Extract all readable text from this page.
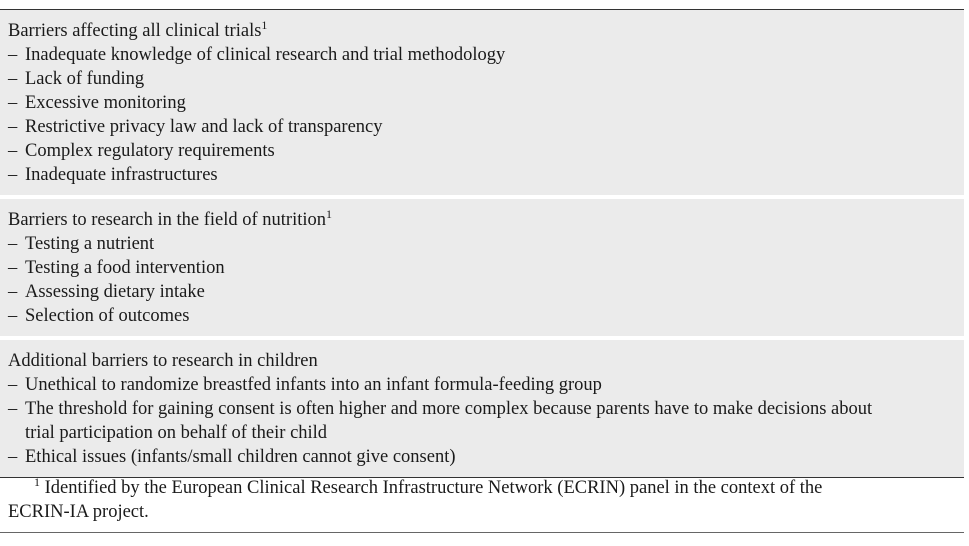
Barriers affecting all clinical trials$^1$
– Inadequate knowledge of clinical research and trial methodology
– Lack of funding
– Excessive monitoring
– Restrictive privacy law and lack of transparency
– Complex regulatory requirements
– Inadequate infrastructures
Barriers to research in the field of nutrition$^1$
– Testing a nutrient
– Testing a food intervention
– Assessing dietary intake
– Selection of outcomes
Additional barriers to research in children
– Unethical to randomize breastfed infants into an infant formula-feeding group
– The threshold for gaining consent is often higher and more complex because parents have to make decisions about trial participation on behalf of their child
– Ethical issues (infants/small children cannot give consent)
$^1$ Identified by the European Clinical Research Infrastructure Network (ECRIN) panel in the context of the
ECRIN-IA project.
